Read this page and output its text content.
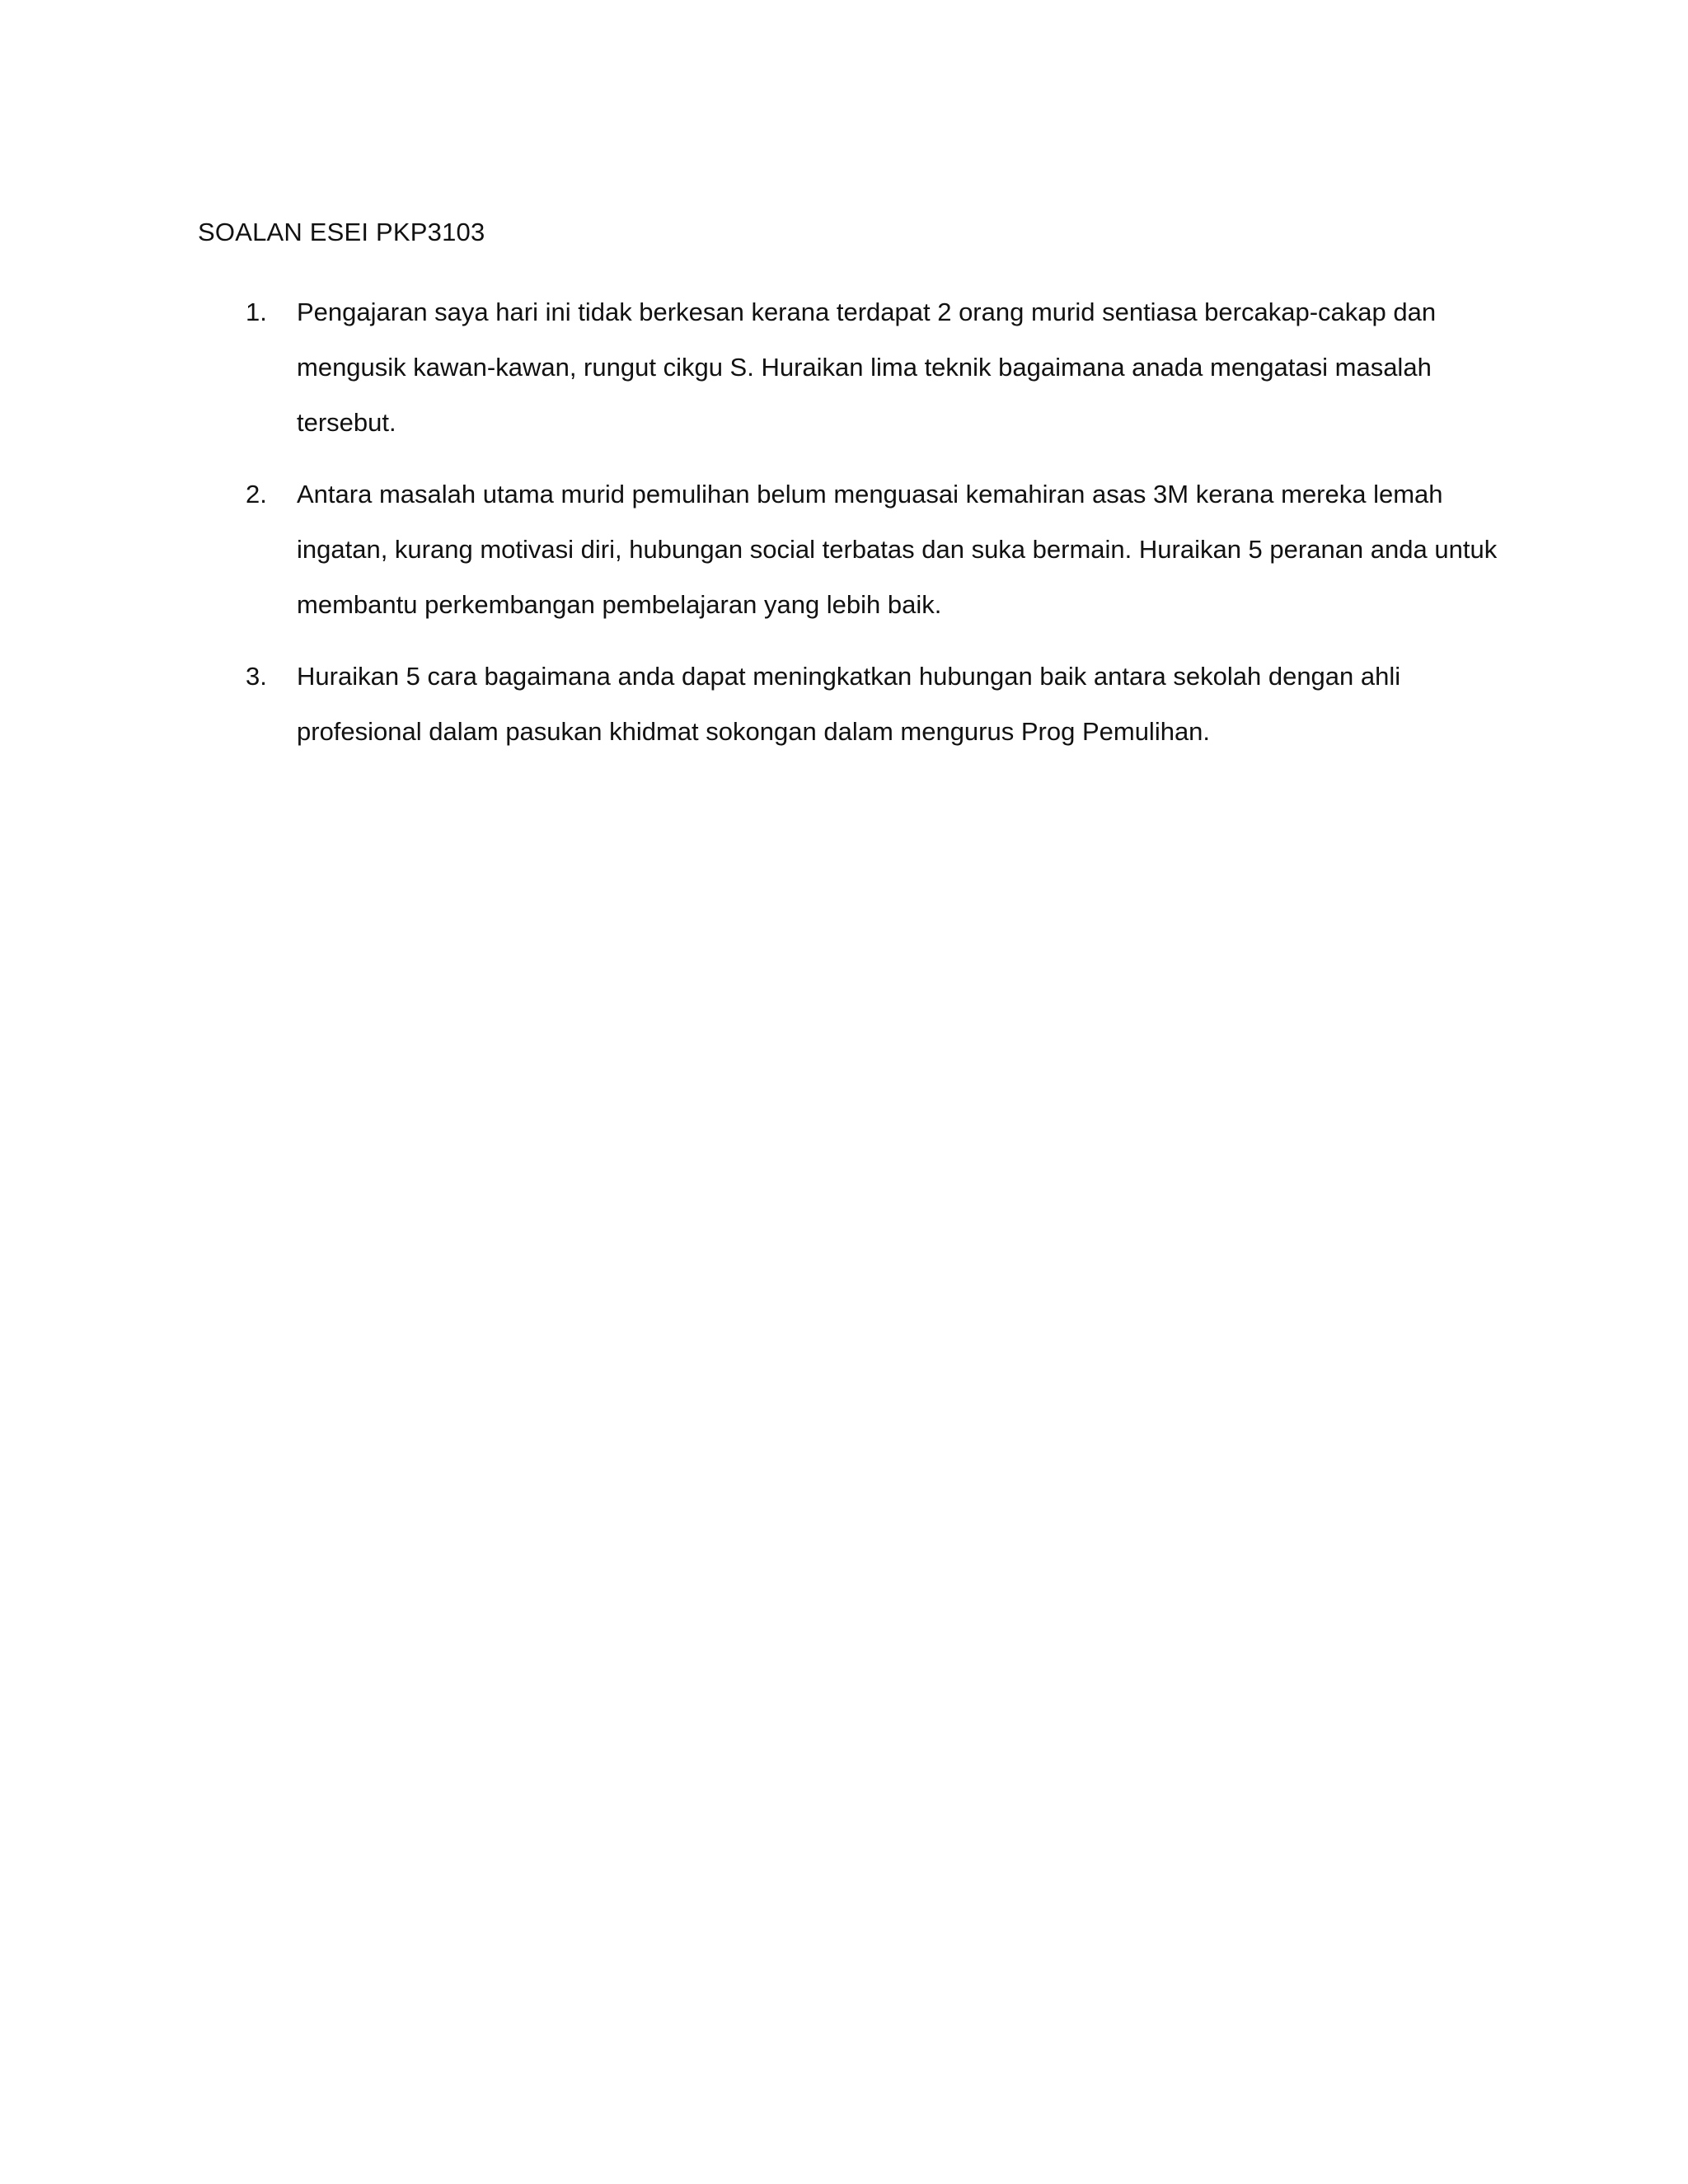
SOALAN ESEI PKP3103
1. Pengajaran saya hari ini tidak berkesan kerana terdapat 2 orang murid sentiasa bercakap-cakap dan mengusik kawan-kawan, rungut cikgu S. Huraikan lima teknik bagaimana anada mengatasi masalah tersebut.
2. Antara masalah utama murid pemulihan belum menguasai kemahiran asas 3M kerana mereka lemah ingatan, kurang motivasi diri, hubungan social terbatas dan suka bermain. Huraikan 5 peranan anda untuk membantu perkembangan pembelajaran yang lebih baik.
3. Huraikan 5 cara bagaimana anda dapat meningkatkan hubungan baik antara sekolah dengan ahli profesional dalam pasukan khidmat sokongan dalam mengurus Prog Pemulihan.
